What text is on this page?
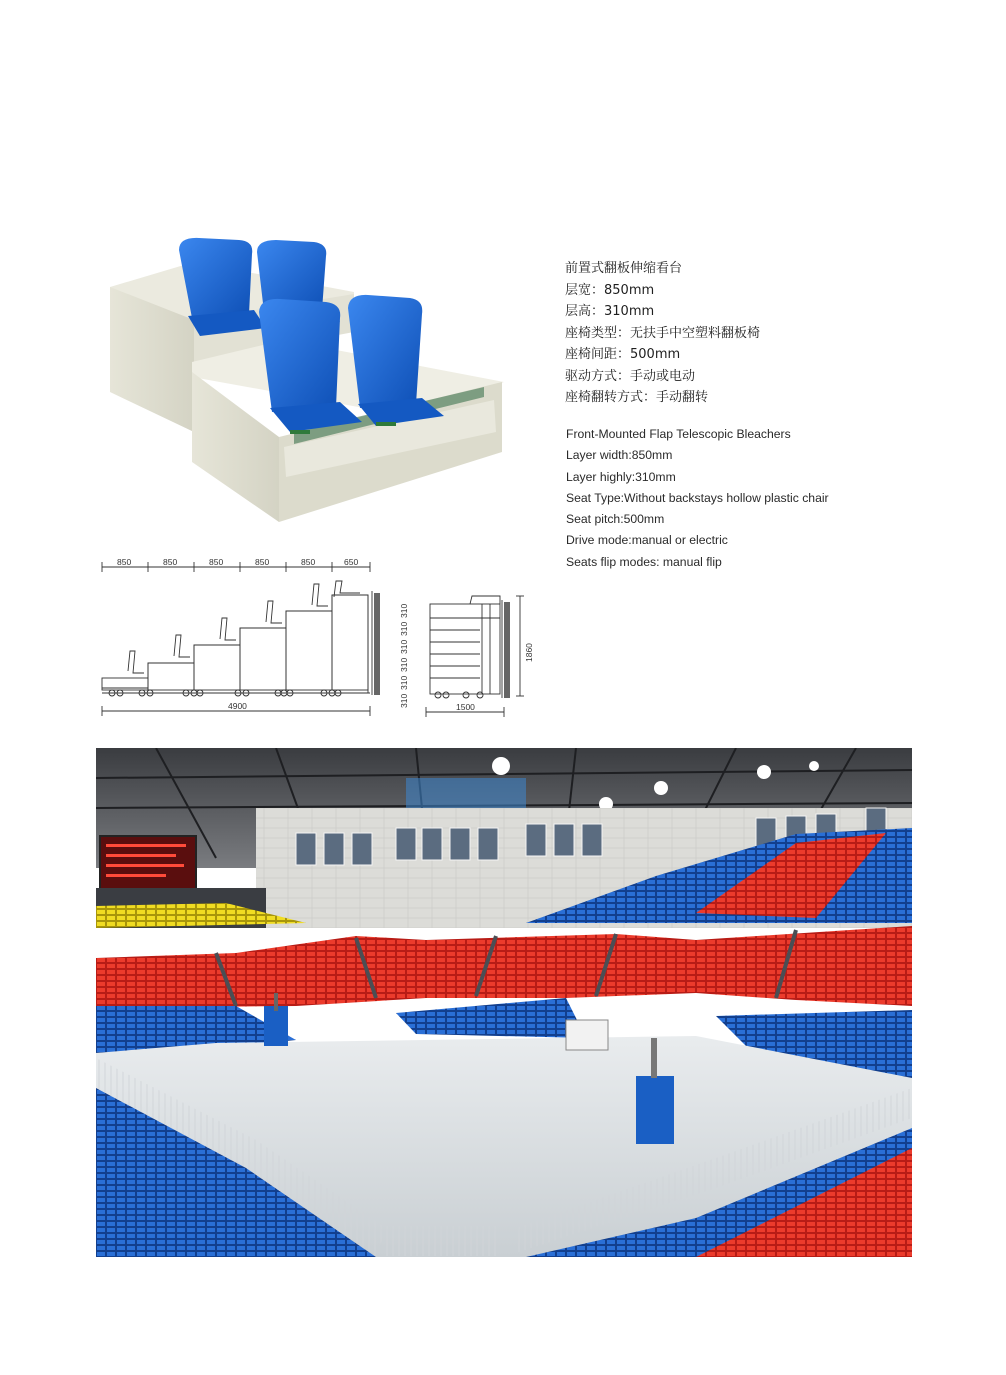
前置式翻板伸缩看台
层宽：850mm
层高：310mm
座椅类型：无扶手中空塑料翻板椅
座椅间距：500mm
驱动方式：手动或电动
座椅翻转方式：手动翻转
Front-Mounted Flap Telescopic Bleachers
Layer width:850mm
Layer highly:310mm
Seat Type:Without backstays hollow plastic chair
Seat pitch:500mm
Drive mode:manual or electric
Seats flip modes: manual flip
850	850	850	850	850	650
4900	310
310
310
310
310
310
1500
1860
